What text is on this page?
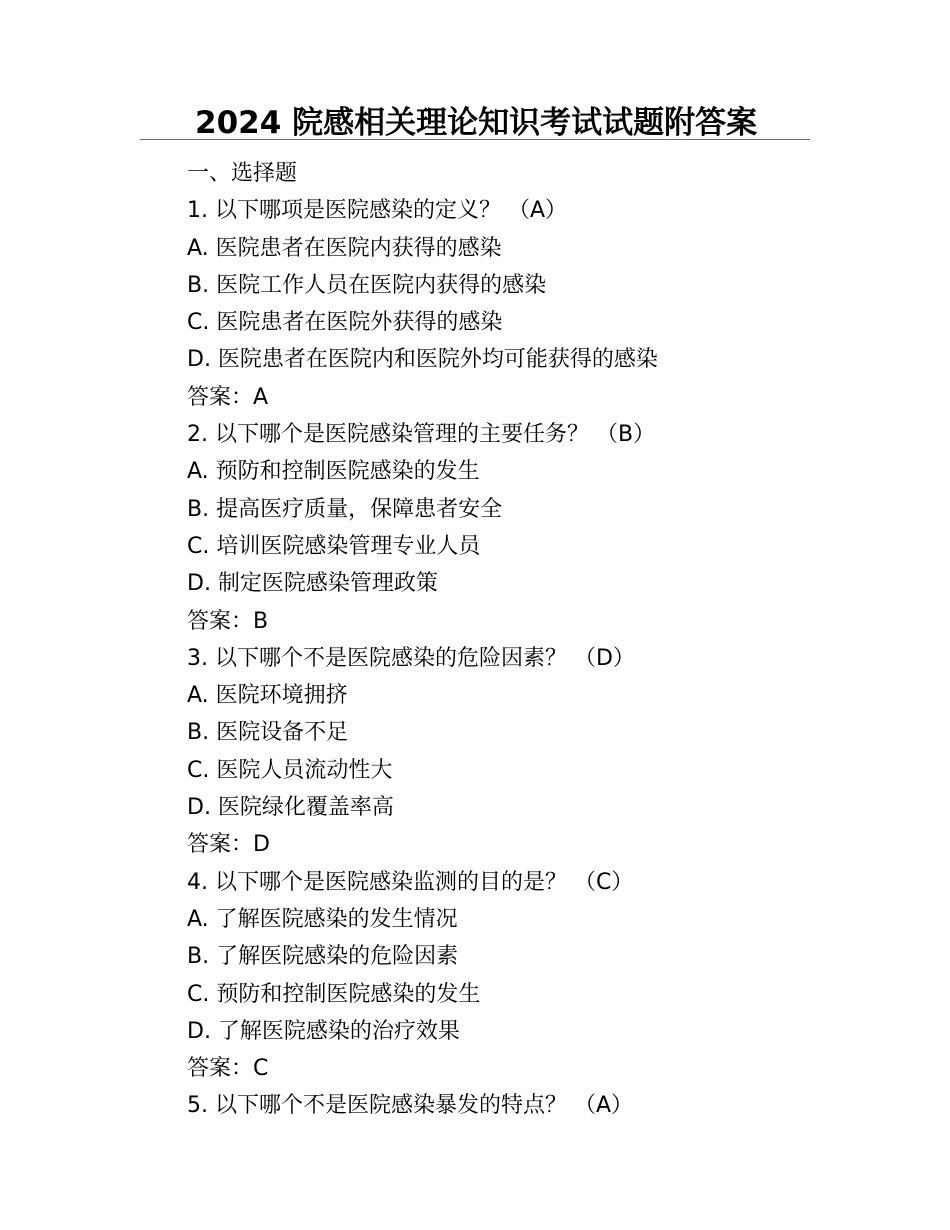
2024 院感相关理论知识考试试题附答案
一、选择题
1. 以下哪项是医院感染的定义？ （A）
A. 医院患者在医院内获得的感染
B. 医院工作人员在医院内获得的感染
C. 医院患者在医院外获得的感染
D. 医院患者在医院内和医院外均可能获得的感染
答案：A
2. 以下哪个是医院感染管理的主要任务？ （B）
A. 预防和控制医院感染的发生
B. 提高医疗质量，保障患者安全
C. 培训医院感染管理专业人员
D. 制定医院感染管理政策
答案：B
3. 以下哪个不是医院感染的危险因素？ （D）
A. 医院环境拥挤
B. 医院设备不足
C. 医院人员流动性大
D. 医院绿化覆盖率高
答案：D
4. 以下哪个是医院感染监测的目的是？ （C）
A. 了解医院感染的发生情况
B. 了解医院感染的危险因素
C. 预防和控制医院感染的发生
D. 了解医院感染的治疗效果
答案：C
5. 以下哪个不是医院感染暴发的特点？ （A）
